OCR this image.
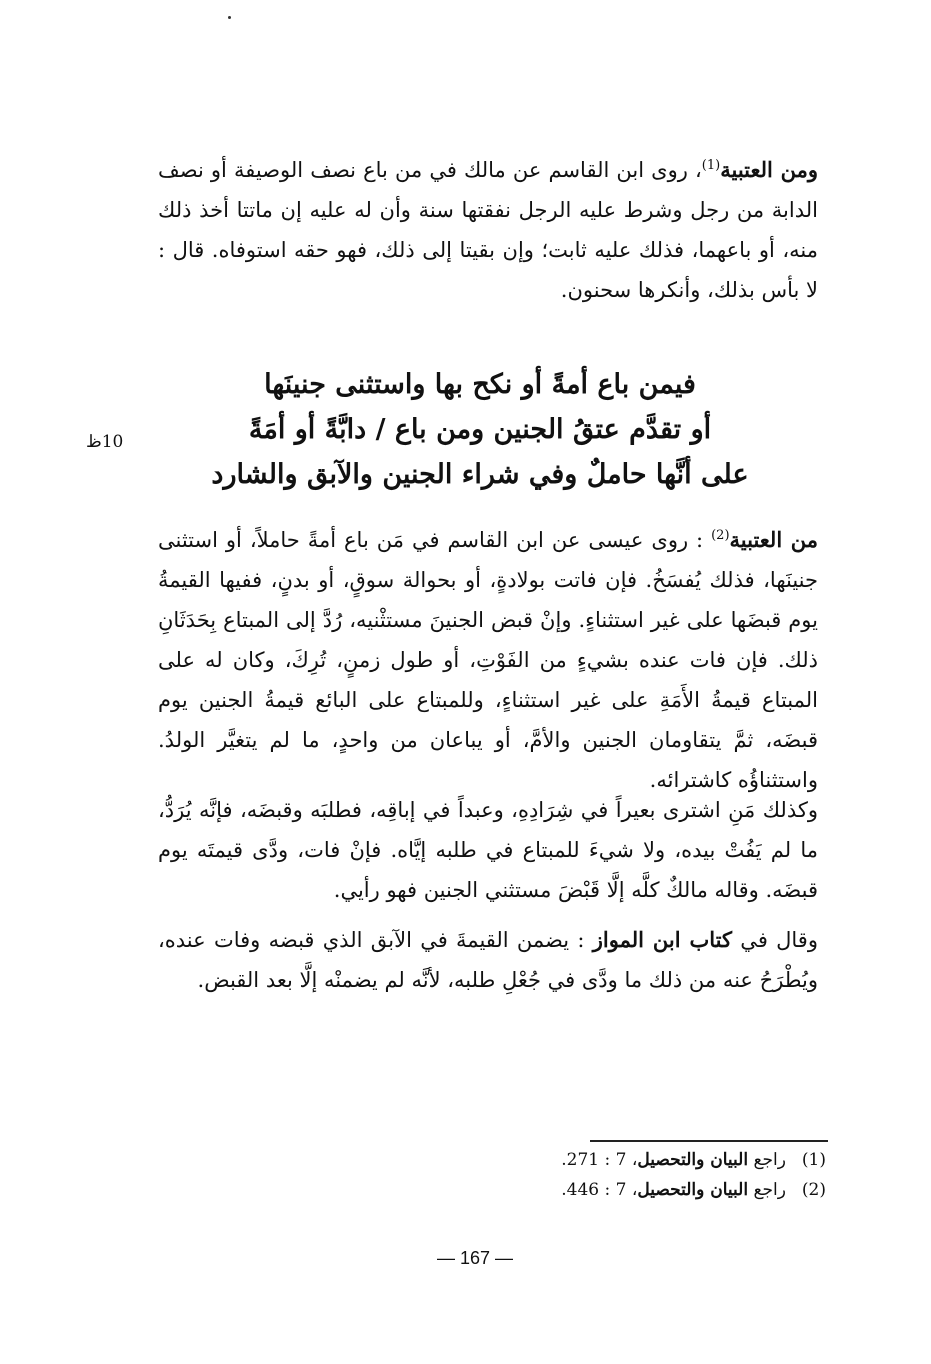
ومن العتبية$^{(1)}$، روى ابن القاسم عن مالك في من باع نصف الوصيفة أو نصف الدابة من رجل وشرط عليه الرجل نفقتها سنة وأن له عليه إن ماتتا أخذ ذلك منه، أو باعهما، فذلك عليه ثابت؛ وإن بقيتا إلى ذلك، فهو حقه استوفاه. قال : لا بأس بذلك، وأنكرها سحنون.
فيمن باع أمةً أو نكح بها واستثنى جنينَها
أو تقدَّم عتقُ الجنين ومن باع / دابَّةً أو أمَةً
على أنَّها حاملٌ وفي شراء الجنين والآبق والشارد
10ظ
من العتبية$^{(2)}$ : روى عيسى عن ابن القاسم في مَن باع أمةً حاملاً، أو استثنى جنينَها، فذلك يُفسَخُ. فإن فاتت بولادةٍ، أو بحوالة سوقٍ، أو بدنٍ، ففيها القيمةُ يوم قبضَها على غير استثناءٍ. وإنْ قبض الجنينَ مستثْنيه، رُدَّ إلى المبتاع بِحَدَثَانِ ذلك. فإن فات عنده بشيءٍ من الفَوْتِ، أو طول زمنٍ، تُرِكَ، وكان له على المبتاع قيمةُ الأَمَةِ على غير استثناءٍ، وللمبتاع على البائع قيمةُ الجنين يوم قبضَه، ثمَّ يتقاومان الجنين والأمَّ، أو يباعان من واحدٍ، ما لم يتغيَّر الولدُ. واستثناؤُه كاشترائه.
وكذلك مَنِ اشترى بعيراً في شِرَادِهِ، وعبداً في إباقِه، فطلبَه وقبضَه، فإنَّه يُرَدُّ، ما لم يَفُتْ بيده، ولا شيءَ للمبتاع في طلبه إيَّاه. فإنْ فات، ودَّى قيمتَه يوم قبضَه. وقاله مالكٌ كلَّه إلَّا قَبْضَ مستثني الجنين فهو رأيي.
وقال في كتاب ابن المواز : يضمن القيمةَ في الآبق الذي قبضه وفات عنده، ويُطْرَحُ عنه من ذلك ما ودَّى في جُعْلِ طلبه، لأنَّه لم يضمنْه إلَّا بعد القبض.
(1)راجع البيان والتحصيل، 7 : 271.
(2)راجع البيان والتحصيل، 7 : 446.
— 167 —
